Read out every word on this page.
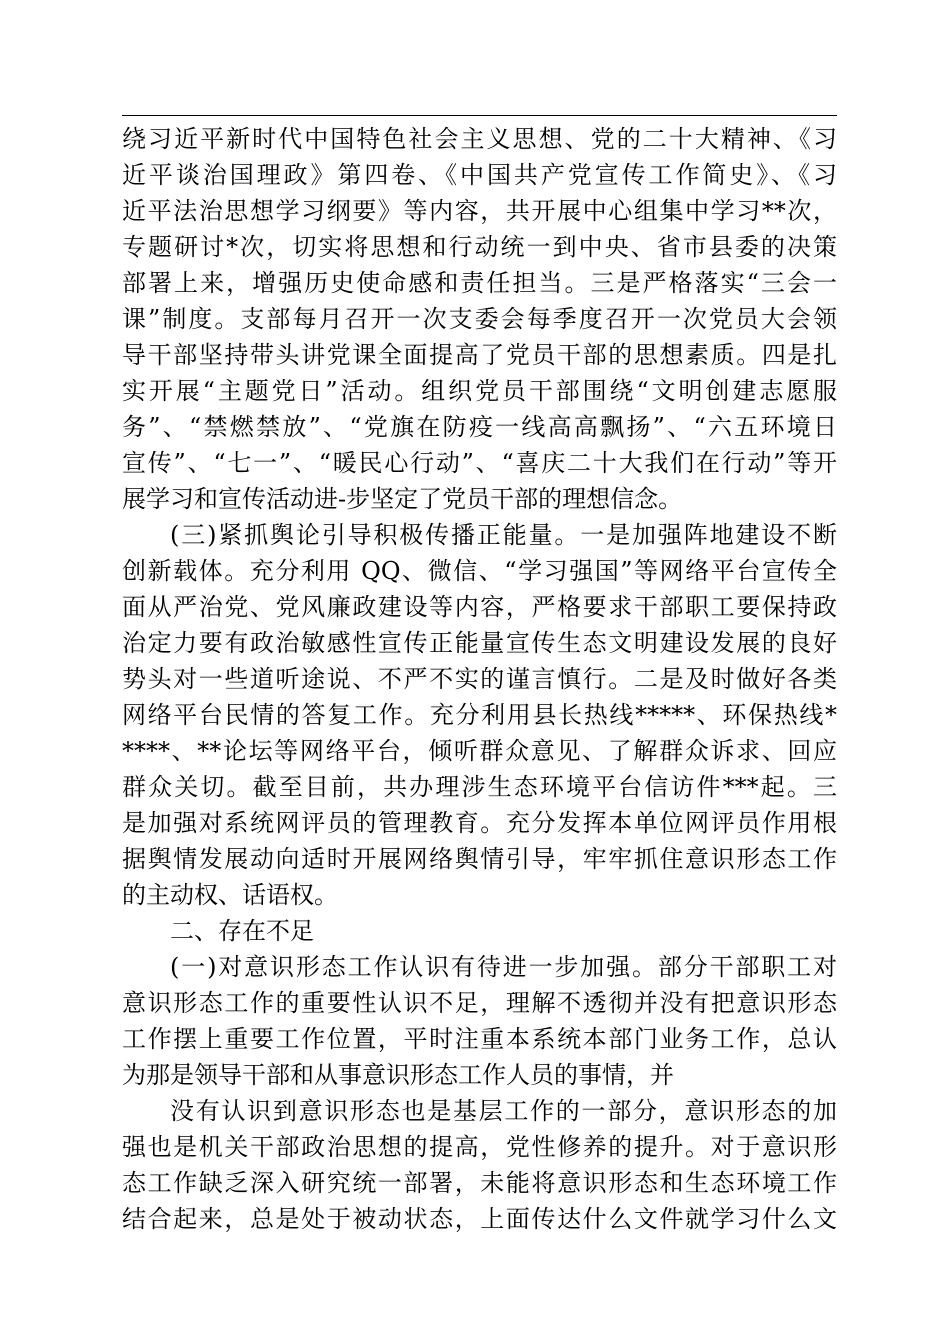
绕习近平新时代中国特色社会主义思想、党的二十大精神、《习
近平谈治国理政》第四卷、《中国共产党宣传工作简史》、《习
近平法治思想学习纲要》等内容，共开展中心组集中学习**次，
专题研讨*次，切实将思想和行动统一到中央、省市县委的决策
部署上来，增强历史使命感和责任担当。三是严格落实“三会一
课”制度。支部每月召开一次支委会每季度召开一次党员大会领
导干部坚持带头讲党课全面提高了党员干部的思想素质。四是扎
实开展“主题党日”活动。组织党员干部围绕“文明创建志愿服
务”、“禁燃禁放”、“党旗在防疫一线高高飘扬”、“六五环境日
宣传”、“七一”、“暖民心行动”、“喜庆二十大我们在行动”等开
展学习和宣传活动进-步坚定了党员干部的理想信念。
(三)紧抓舆论引导积极传播正能量。一是加强阵地建设不断
创新载体。充分利用 QQ、微信、“学习强国”等网络平台宣传全
面从严治党、党风廉政建设等内容，严格要求干部职工要保持政
治定力要有政治敏感性宣传正能量宣传生态文明建设发展的良好
势头对一些道听途说、不严不实的谨言慎行。二是及时做好各类
网络平台民情的答复工作。充分利用县长热线*****、环保热线*
****、**论坛等网络平台，倾听群众意见、了解群众诉求、回应
群众关切。截至目前，共办理涉生态环境平台信访件***起。三
是加强对系统网评员的管理教育。充分发挥本单位网评员作用根
据舆情发展动向适时开展网络舆情引导，牢牢抓住意识形态工作
的主动权、话语权。
二、存在不足
(一)对意识形态工作认识有待进一步加强。部分干部职工对
意识形态工作的重要性认识不足，理解不透彻并没有把意识形态
工作摆上重要工作位置，平时注重本系统本部门业务工作，总认
为那是领导干部和从事意识形态工作人员的事情，并
没有认识到意识形态也是基层工作的一部分，意识形态的加
强也是机关干部政治思想的提高，党性修养的提升。对于意识形
态工作缺乏深入研究统一部署，未能将意识形态和生态环境工作
结合起来，总是处于被动状态，上面传达什么文件就学习什么文
